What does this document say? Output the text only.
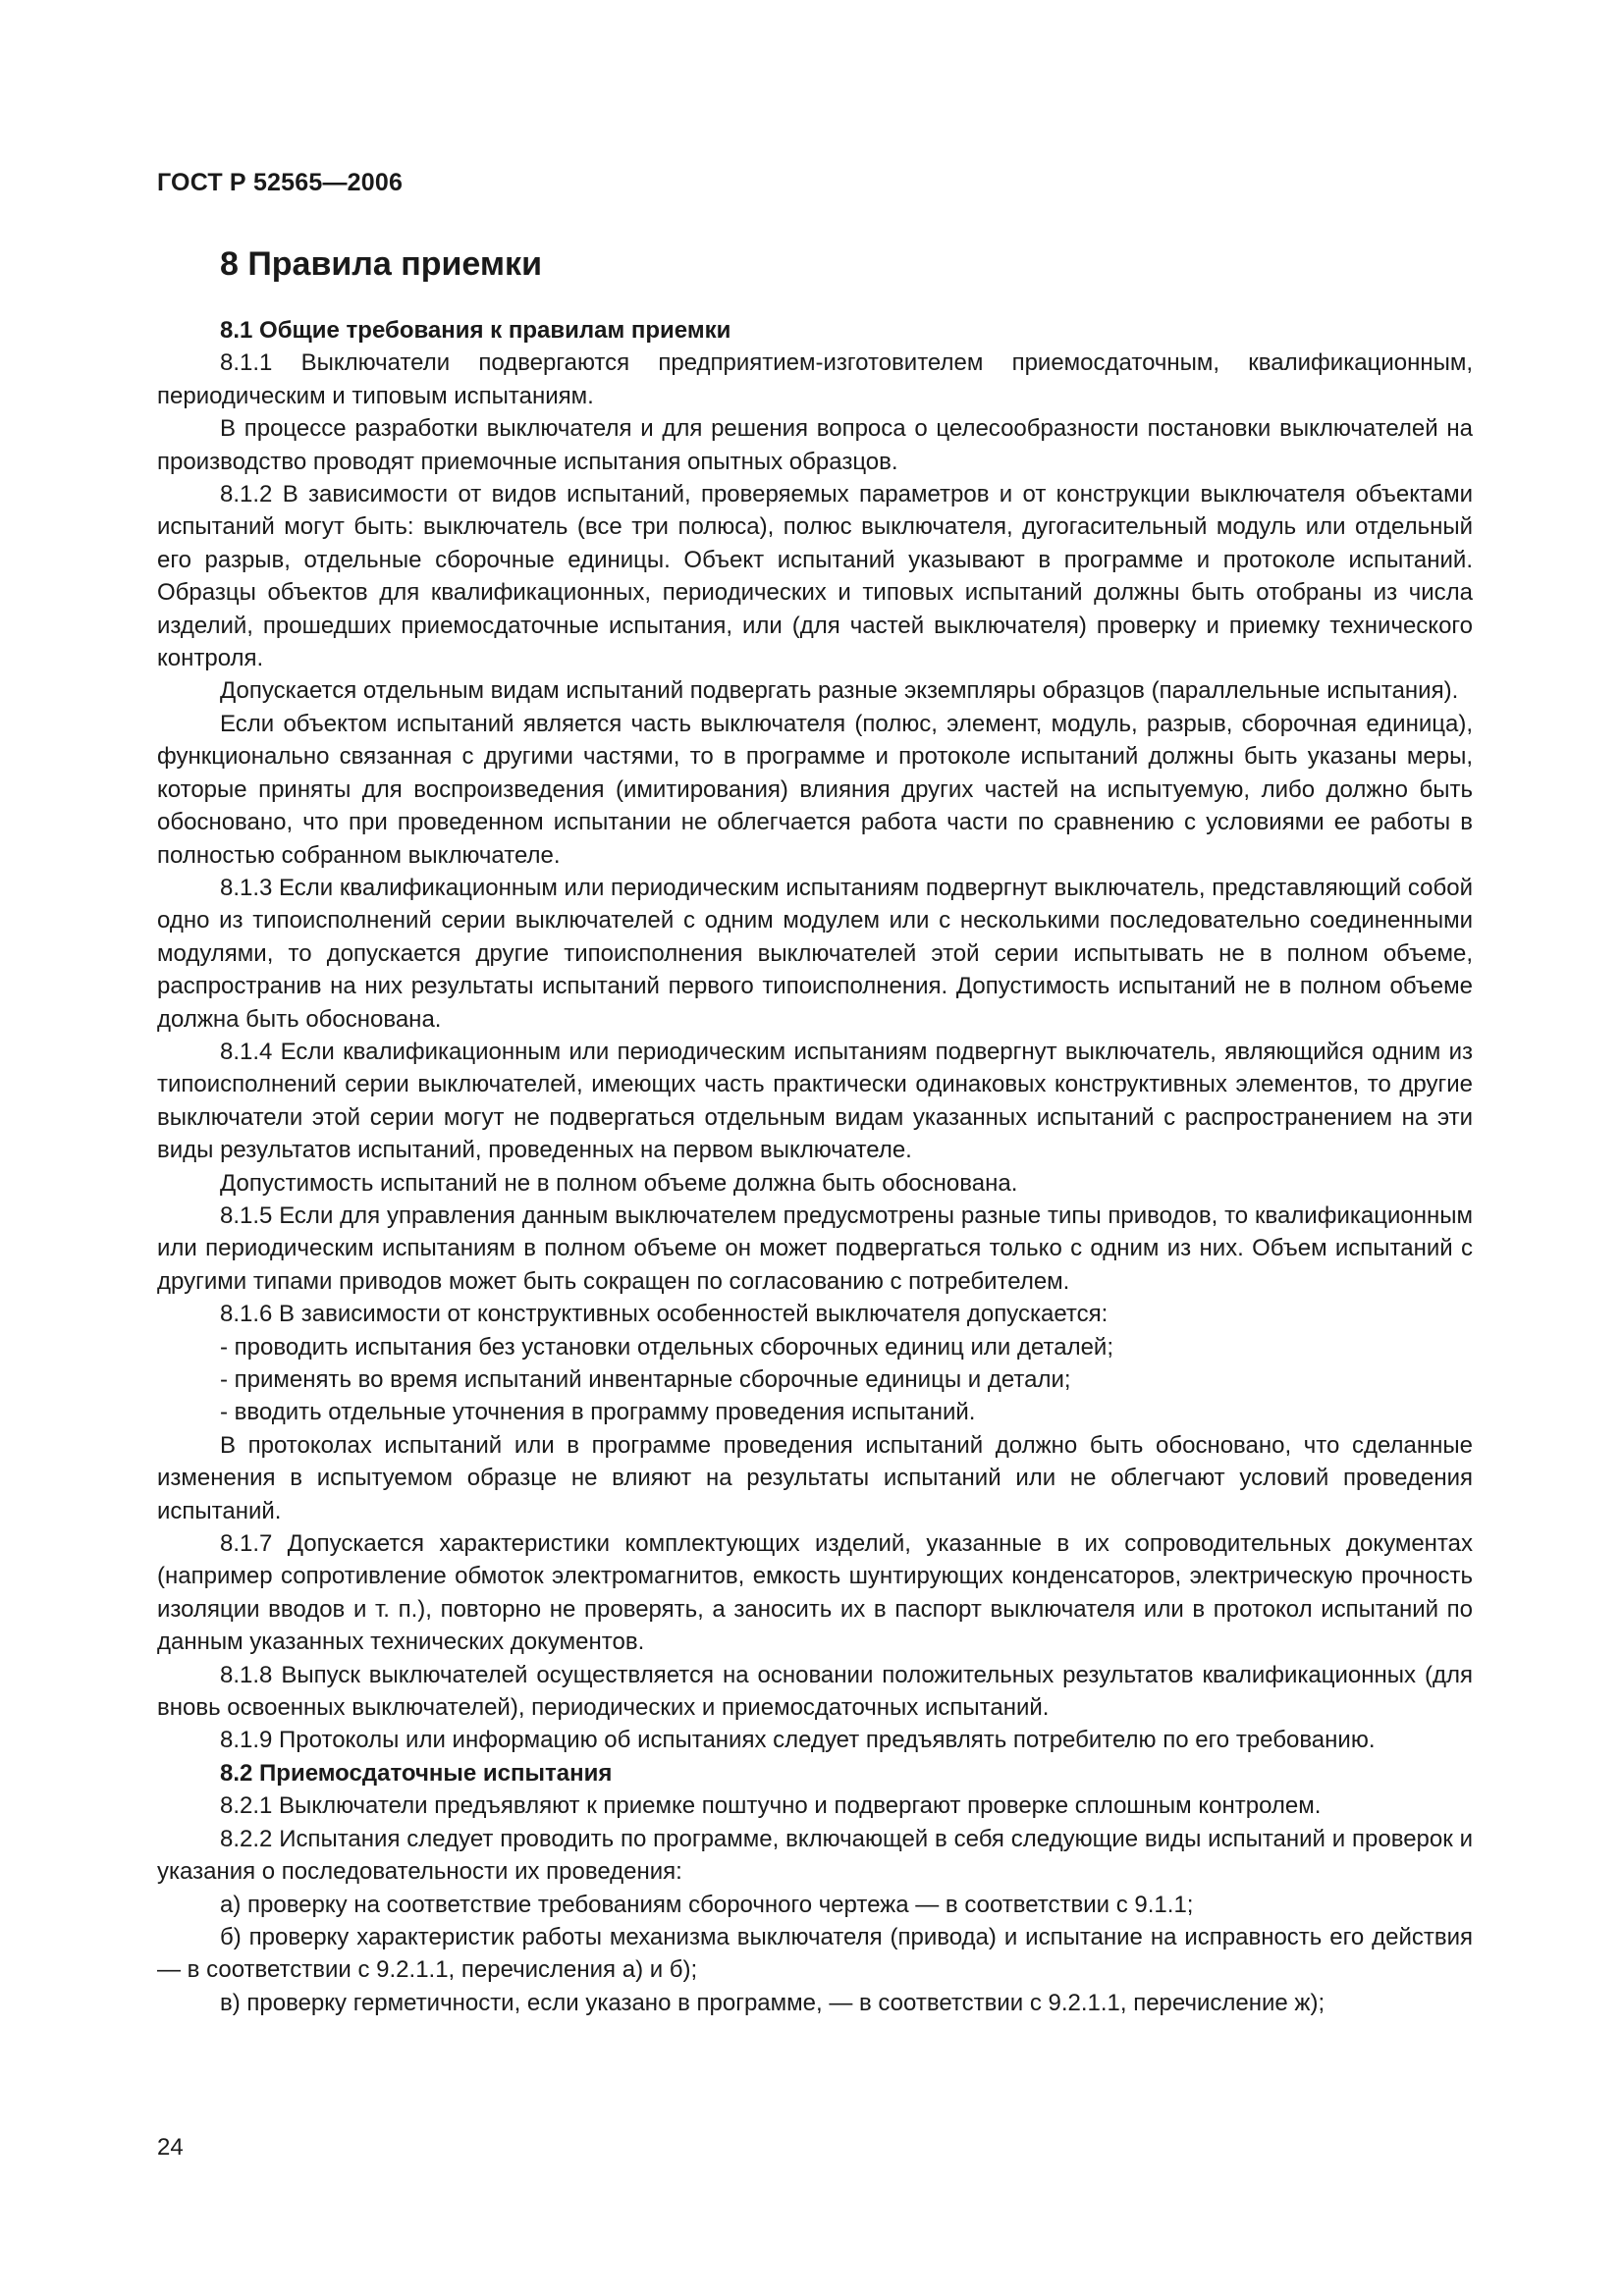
ГОСТ Р 52565—2006
8 Правила приемки

8.1 Общие требования к правилам приемки

8.1.1 Выключатели подвергаются предприятием-изготовителем приемосдаточным, квалификационным, периодическим и типовым испытаниям.

В процессе разработки выключателя и для решения вопроса о целесообразности постановки выключателей на производство проводят приемочные испытания опытных образцов.

8.1.2 В зависимости от видов испытаний, проверяемых параметров и от конструкции выключателя объектами испытаний могут быть: выключатель (все три полюса), полюс выключателя, дугогасительный модуль или отдельный его разрыв, отдельные сборочные единицы. Объект испытаний указывают в программе и протоколе испытаний. Образцы объектов для квалификационных, периодических и типовых испытаний должны быть отобраны из числа изделий, прошедших приемосдаточные испытания, или (для частей выключателя) проверку и приемку технического контроля.

Допускается отдельным видам испытаний подвергать разные экземпляры образцов (параллельные испытания).

Если объектом испытаний является часть выключателя (полюс, элемент, модуль, разрыв, сборочная единица), функционально связанная с другими частями, то в программе и протоколе испытаний должны быть указаны меры, которые приняты для воспроизведения (имитирования) влияния других частей на испытуемую, либо должно быть обосновано, что при проведенном испытании не облегчается работа части по сравнению с условиями ее работы в полностью собранном выключателе.

8.1.3 Если квалификационным или периодическим испытаниям подвергнут выключатель, представляющий собой одно из типоисполнений серии выключателей с одним модулем или с несколькими последовательно соединенными модулями, то допускается другие типоисполнения выключателей этой серии испытывать не в полном объеме, распространив на них результаты испытаний первого типоисполнения. Допустимость испытаний не в полном объеме должна быть обоснована.

8.1.4 Если квалификационным или периодическим испытаниям подвергнут выключатель, являющийся одним из типоисполнений серии выключателей, имеющих часть практически одинаковых конструктивных элементов, то другие выключатели этой серии могут не подвергаться отдельным видам указанных испытаний с распространением на эти виды результатов испытаний, проведенных на первом выключателе.

Допустимость испытаний не в полном объеме должна быть обоснована.

8.1.5 Если для управления данным выключателем предусмотрены разные типы приводов, то квалификационным или периодическим испытаниям в полном объеме он может подвергаться только с одним из них. Объем испытаний с другими типами приводов может быть сокращен по согласованию с потребителем.

8.1.6 В зависимости от конструктивных особенностей выключателя допускается:

- проводить испытания без установки отдельных сборочных единиц или деталей;

- применять во время испытаний инвентарные сборочные единицы и детали;

- вводить отдельные уточнения в программу проведения испытаний.

В протоколах испытаний или в программе проведения испытаний должно быть обосновано, что сделанные изменения в испытуемом образце не влияют на результаты испытаний или не облегчают условий проведения испытаний.

8.1.7 Допускается характеристики комплектующих изделий, указанные в их сопроводительных документах (например сопротивление обмоток электромагнитов, емкость шунтирующих конденсаторов, электрическую прочность изоляции вводов и т. п.), повторно не проверять, а заносить их в паспорт выключателя или в протокол испытаний по данным указанных технических документов.

8.1.8 Выпуск выключателей осуществляется на основании положительных результатов квалификационных (для вновь освоенных выключателей), периодических и приемосдаточных испытаний.

8.1.9 Протоколы или информацию об испытаниях следует предъявлять потребителю по его требованию.

8.2 Приемосдаточные испытания

8.2.1 Выключатели предъявляют к приемке поштучно и подвергают проверке сплошным контролем.

8.2.2 Испытания следует проводить по программе, включающей в себя следующие виды испытаний и проверок и указания о последовательности их проведения:

а) проверку на соответствие требованиям сборочного чертежа — в соответствии с 9.1.1;

б) проверку характеристик работы механизма выключателя (привода) и испытание на исправность его действия — в соответствии с 9.2.1.1, перечисления а) и б);

в) проверку герметичности, если указано в программе, — в соответствии с 9.2.1.1, перечисление ж);

24
